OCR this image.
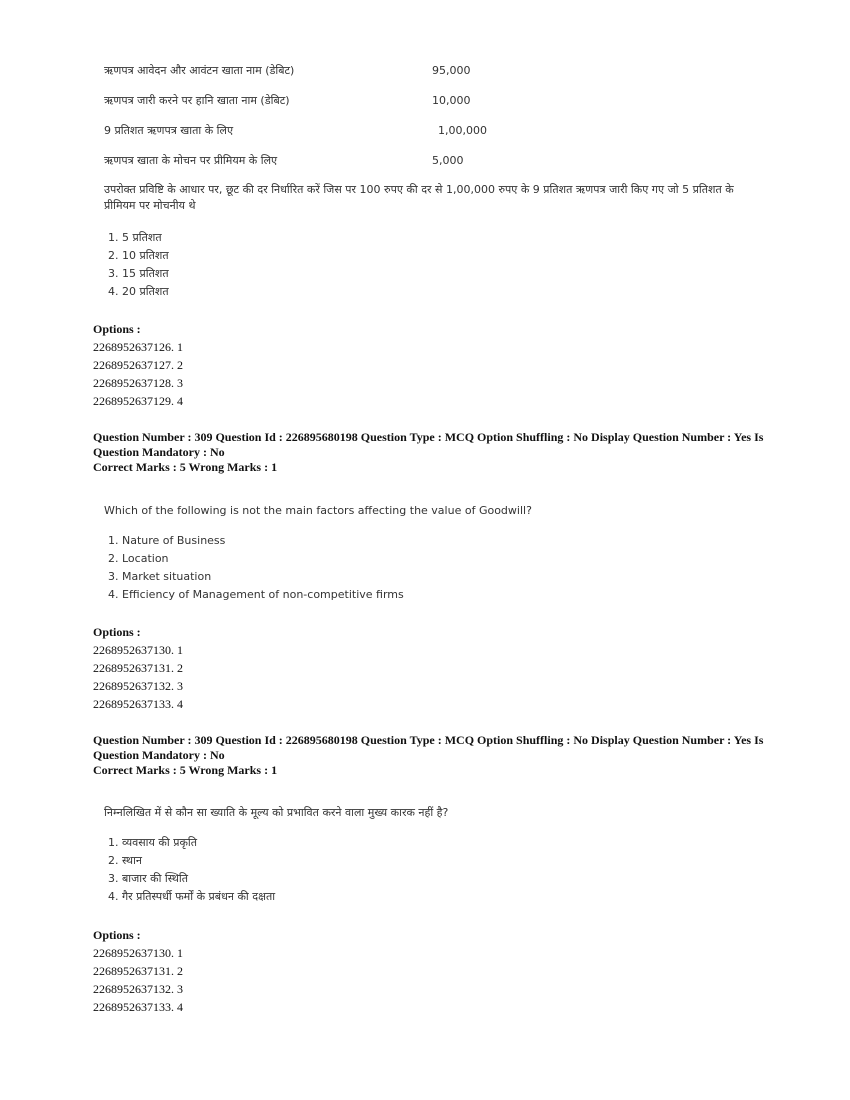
ऋणपत्र आवेदन और आवंटन खाता नाम (डेबिट)	95,000
ऋणपत्र जारी करने पर हानि खाता नाम (डेबिट)	10,000
9 प्रतिशत ऋणपत्र खाता के लिए	1,00,000
ऋणपत्र खाता के मोचन पर प्रीमियम के लिए	5,000
उपरोक्त प्रविष्टि के आधार पर, छूट की दर निर्धारित करें जिस पर 100 रुपए की दर से 1,00,000 रुपए के 9 प्रतिशत ऋणपत्र जारी किए गए जो 5 प्रतिशत के प्रीमियम पर मोचनीय थे
1. 5 प्रतिशत
2. 10 प्रतिशत
3. 15 प्रतिशत
4. 20 प्रतिशत
Options :
2268952637126. 1
2268952637127. 2
2268952637128. 3
2268952637129. 4
Question Number : 309 Question Id : 226895680198 Question Type : MCQ Option Shuffling : No Display Question Number : Yes Is
Question Mandatory : No
Correct Marks : 5 Wrong Marks : 1
Which of the following is not the main factors affecting the value of Goodwill?
1. Nature of Business
2. Location
3. Market situation
4. Efficiency of Management of non-competitive firms
Options :
2268952637130. 1
2268952637131. 2
2268952637132. 3
2268952637133. 4
Question Number : 309 Question Id : 226895680198 Question Type : MCQ Option Shuffling : No Display Question Number : Yes Is
Question Mandatory : No
Correct Marks : 5 Wrong Marks : 1
निम्नलिखित में से कौन सा ख्याति के मूल्य को प्रभावित करने वाला मुख्य कारक नहीं है?
1. व्यवसाय की प्रकृति
2. स्थान
3. बाजार की स्थिति
4. गैर प्रतिस्पर्धी फर्मों के प्रबंधन की दक्षता
Options :
2268952637130. 1
2268952637131. 2
2268952637132. 3
2268952637133. 4
